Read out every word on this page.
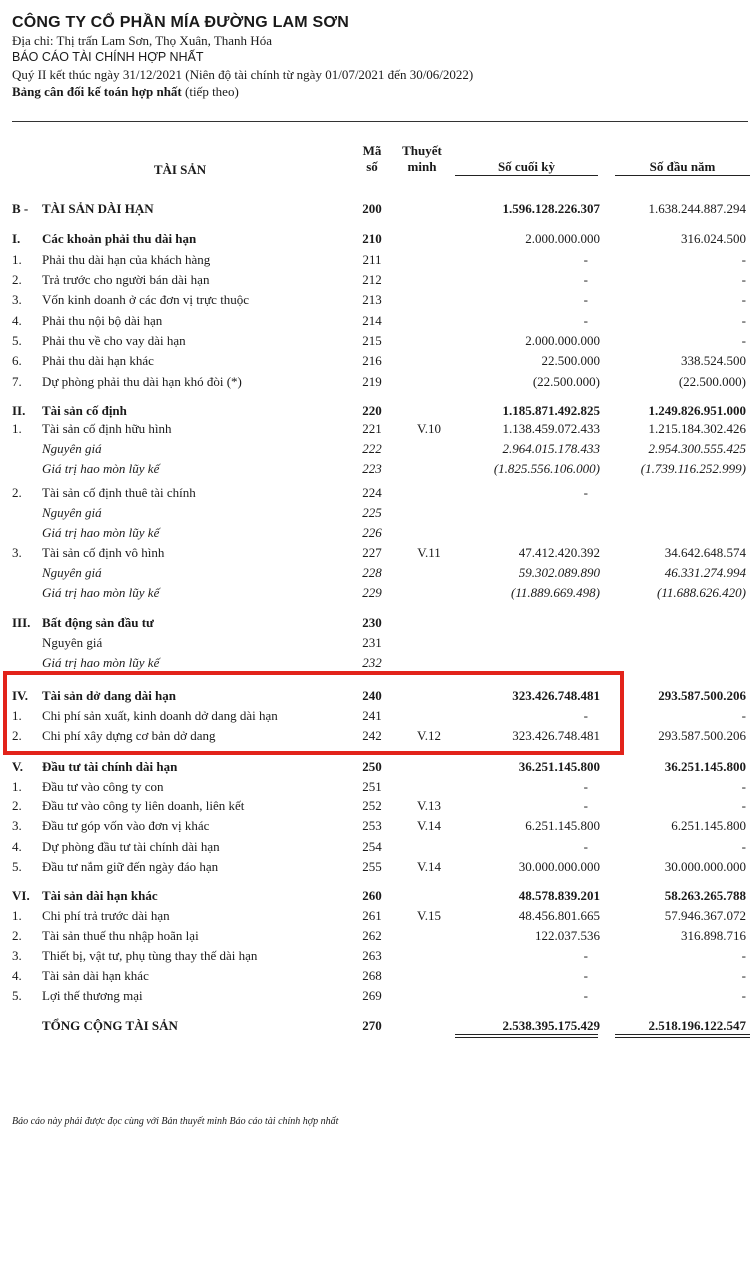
CÔNG TY CỔ PHẦN MÍA ĐƯỜNG LAM SƠN
Địa chỉ: Thị trấn Lam Sơn, Thọ Xuân, Thanh Hóa
BÁO CÁO TÀI CHÍNH HỢP NHẤT
Quý II kết thúc ngày 31/12/2021 (Niên độ tài chính từ ngày 01/07/2021 đến 30/06/2022)
Bảng cân đối kế toán hợp nhất (tiếp theo)
TÀI SẢN
Mã
số
Thuyết
minh	Số cuối kỳ	Số đầu năm
B -	TÀI SẢN DÀI HẠN	200	1.596.128.226.307	1.638.244.887.294
I.	Các khoản phải thu dài hạn	210	2.000.000.000	316.024.500
1.	Phải thu dài hạn của khách hàng	211	-	-
2.	Trả trước cho người bán dài hạn	212	-	-
3.	Vốn kinh doanh ở các đơn vị trực thuộc	213	-	-
4.	Phải thu nội bộ dài hạn	214	-	-
5.	Phải thu về cho vay dài hạn	215	2.000.000.000	-
6.	Phải thu dài hạn khác	216	22.500.000	338.524.500
7.	Dự phòng phải thu dài hạn khó đòi (*)	219	(22.500.000)	(22.500.000)
II.	Tài sản cố định	220	1.185.871.492.825	1.249.826.951.000
1.	Tài sản cố định hữu hình	221	V.10	1.138.459.072.433	1.215.184.302.426
Nguyên giá	222	2.964.015.178.433	2.954.300.555.425
Giá trị hao mòn lũy kế	223	(1.825.556.106.000)	(1.739.116.252.999)
2.	Tài sản cố định thuê tài chính	224	-
Nguyên giá	225
Giá trị hao mòn lũy kế	226
3.	Tài sản cố định vô hình	227	V.11	47.412.420.392	34.642.648.574
Nguyên giá	228	59.302.089.890	46.331.274.994
Giá trị hao mòn lũy kế	229	(11.889.669.498)	(11.688.626.420)
III. Bất động sản đầu tư	230
Nguyên giá	231
Giá trị hao mòn lũy kế	232
IV.	Tài sản dở dang dài hạn	240	323.426.748.481	293.587.500.206
1.	Chi phí sản xuất, kinh doanh dở dang dài hạn	241	-	-
2.	Chi phí xây dựng cơ bản dở dang	242	V.12	323.426.748.481	293.587.500.206
V.	Đầu tư tài chính dài hạn	250	36.251.145.800	36.251.145.800
1.	Đầu tư vào công ty con	251	-	-
2.	Đầu tư vào công ty liên doanh, liên kết	252	V.13	-	-
3.	Đầu tư góp vốn vào đơn vị khác	253	V.14	6.251.145.800	6.251.145.800
4.	Dự phòng đầu tư tài chính dài hạn	254	-	-
5.	Đầu tư nắm giữ đến ngày đáo hạn	255	V.14	30.000.000.000	30.000.000.000
VI. Tài sản dài hạn khác	260	48.578.839.201	58.263.265.788
1.	Chi phí trả trước dài hạn	261	V.15	48.456.801.665	57.946.367.072
2.	Tài sản thuế thu nhập hoãn lại	262	122.037.536	316.898.716
3.	Thiết bị, vật tư, phụ tùng thay thế dài hạn	263	-	-
4.	Tài sản dài hạn khác	268	-	-
5.	Lợi thế thương mại	269	-	-
TỔNG CỘNG TÀI SẢN	270	2.538.395.175.429	2.518.196.122.547
Báo cáo này phải được đọc cùng với Bản thuyết minh Báo cáo tài chính hợp nhất
